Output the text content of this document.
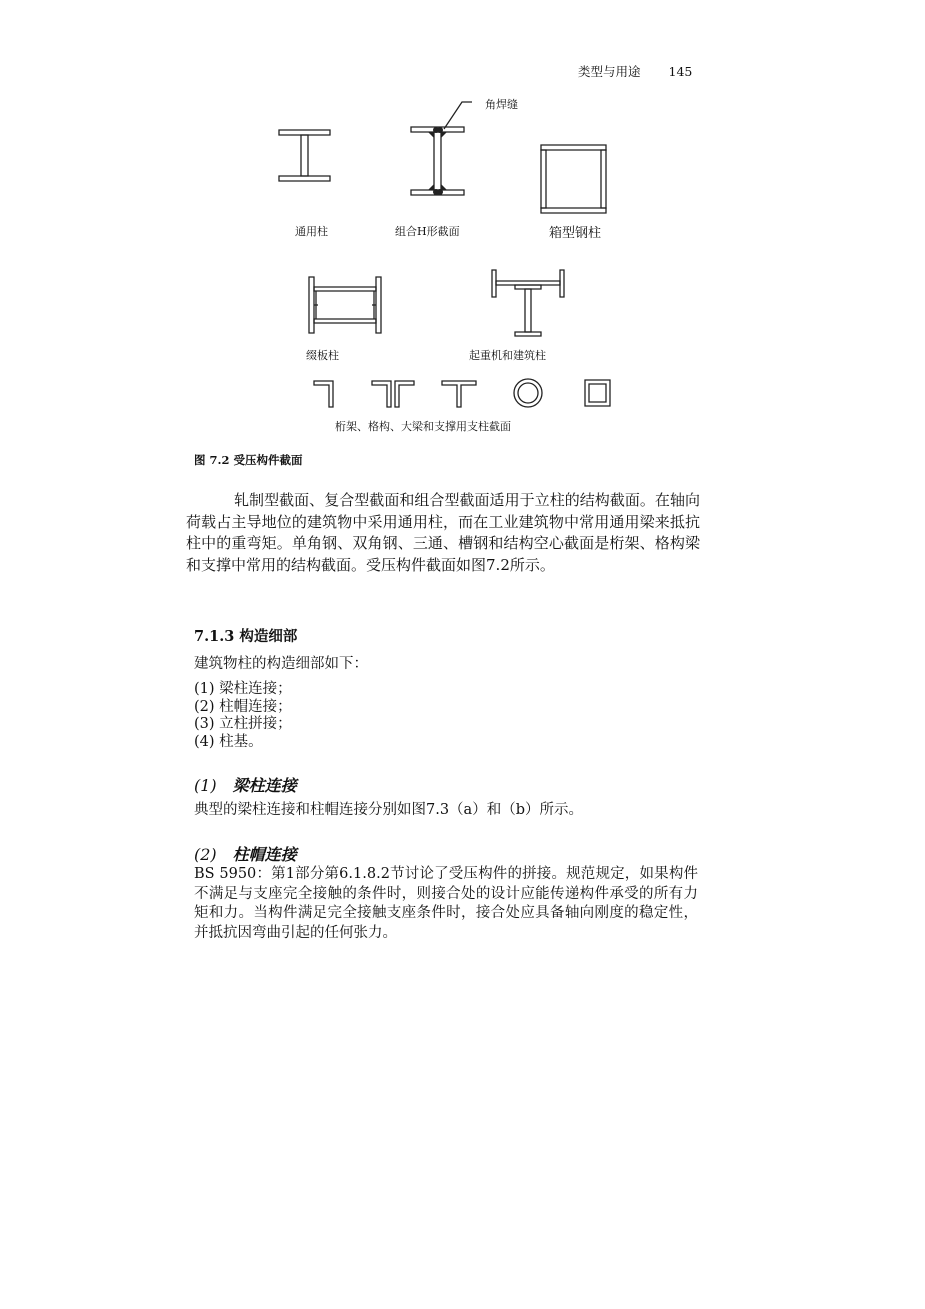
类型与用途 145
角焊缝
通用柱	组合H形截面	箱型钢柱
缀板柱	起重机和建筑柱
桁架、格构、大梁和支撑用支柱截面
图 7.2 受压构件截面
轧制型截面、复合型截面和组合型截面适用于立柱的结构截面。在轴向荷载占主导地位的建筑物中采用通用柱，而在工业建筑物中常用通用梁来抵抗柱中的重弯矩。单角钢、双角钢、三通、槽钢和结构空心截面是桁架、格构梁和支撑中常用的结构截面。受压构件截面如图7.2所示。
7.1.3 构造细部
建筑物柱的构造细部如下：
(1) 梁柱连接；
(2) 柱帽连接；
(3) 立柱拼接；
(4) 柱基。
(1) 梁柱连接
典型的梁柱连接和柱帽连接分别如图7.3（a）和（b）所示。
(2) 柱帽连接
BS 5950：第1部分第6.1.8.2节讨论了受压构件的拼接。规范规定，如果构件不满足与支座完全接触的条件时，则接合处的设计应能传递构件承受的所有力矩和力。当构件满足完全接触支座条件时，接合处应具备轴向刚度的稳定性，并抵抗因弯曲引起的任何张力。
